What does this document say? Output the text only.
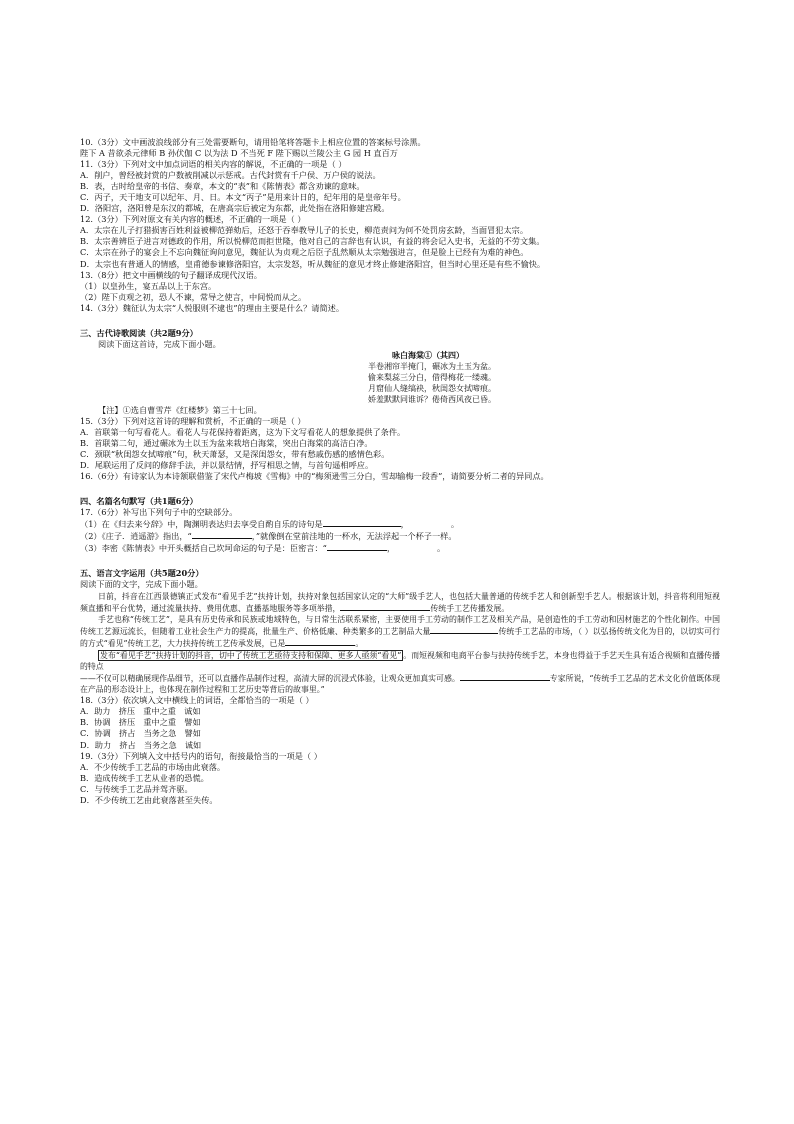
10.（3分）文中画波浪线部分有三处需要断句，请用铅笔将答题卡上相应位置的答案标号涂黑。
陛下 A 昔欲杀元律师 B 孙伏伽 C 以为法 D 不当死 F 陛下赐以兰陵公主 G 园 H 直百万
11.（3分）下列对文中加点词语的相关内容的解说，不正确的一项是（ ）
A．削户，曾经被封赏的户数被削减以示惩戒。古代封赏有千户侯、万户侯的说法。
B．表，古时给皇帝的书信、奏章，本文的“表”和《陈情表》都含劝谏的意味。
C．丙子，天干地支可以纪年、月、日。本文“丙子”是用来计日的，纪年用的是皇帝年号。
D．洛阳宫，洛阳曾是东汉的都城，在唐高宗后被定为东都，此处指在洛阳修建宫殿。
12.（3分）下列对原文有关内容的概述，不正确的一项是（ ）
A．太宗在儿子打猎损害百姓利益被柳范弹劾后，还怒于吞奉教导儿子的长史，柳范责问为何不处罚房玄龄，当面冒犯太宗。
B．太宗善辨臣子进言对德政的作用，所以悦柳范而拒世隆，他对自己的言辞也有认识，有益的将会记入史书，无益的不劳文集。
C．太宗在孙子的宴会上不忘向魏征询问意见，魏征认为贞观之后臣子乱然顺从太宗勉强进言，但是脸上已经有为难的神色。
D．太宗也有普通人的情感，皇甫德参谏修洛阳宫，太宗发怒，听从魏征的意见才终止修建洛阳宫，但当时心里还是有些不愉快。
13.（8分）把文中画横线的句子翻译成现代汉语。
（1）以皇孙生，宴五品以上于东宫。
（2）陛下贞观之初，恐人不谏，常导之使言，中间悦而从之。
14.（3分）魏征认为太宗“人悦服则不逮也”的理由主要是什么？请简述。
三、古代诗歌阅读（共2题9分）
阅读下面这首诗，完成下面小题。
咏白海棠①（其四）
半卷湘帘半掩门，碾冰为土玉为盆。
偷来梨蕊三分白，借得梅花一缕魂。
月窟仙人缝缟袂，秋闺怨女拭啼痕。
娇羞默默同谁诉？倦倚西风夜已昏。
【注】①选自曹雪芹《红楼梦》第三十七回。
15.（3分）下列对这首诗的理解和赏析，不正确的一项是（ ）
A．首联第一句写看花人。看花人与花保持着距离，这为下文写看花人的想象提供了条件。
B．首联第二句，通过碾冰为土以玉为盆来栽培白海棠，突出白海棠的高洁白净。
C．颈联“秋闺怨女拭啼痕”句，秋天萧瑟，又是深闺怨女，带有愁戚伤感的感情色彩。
D．尾联运用了反问的修辞手法，并以景结情，抒写相思之情，与首句遥相呼应。
16.（6分）有诗家认为本诗颔联借鉴了宋代卢梅坡《雪梅》中的“梅须逊雪三分白，雪却输梅一段香”，请简要分析二者的异同点。
四、名篇名句默写（共1题6分）
17.（6分）补写出下列句子中的空缺部分。
（1）在《归去来兮辞》中，陶渊明表达归去享受自酌自乐的诗句是	，	。
（2）《庄子．逍遥游》指出，“	，”就像倒在堂前洼地的一杯水，无法浮起一个杯子一样。
（3）李密《陈情表》中开头概括自己坎坷命运的句子是：臣密言：“	，	。
五、语言文字运用（共5题20分）
阅读下面的文字，完成下面小题。
日前，抖音在江西景德镇正式发布“看见手艺”扶持计划，扶持对象包括国家认定的“大师”级手艺人，也包括大量普通的传统手艺人和创新型手艺人。根据该计划，抖音将利用短视频直播和平台优势，通过流量扶持、费用优惠、直播基地服务等多项举措，	传统手工艺传播发展。
手艺也称“传统工艺”，是具有历史传承和民族或地域特色，与日常生活联系紧密，主要使用手工劳动的制作工艺及相关产品，是创造性的手工劳动和因材施艺的个性化制作。中国传统工艺源远流长，但随着工业社会生产力的提高，批量生产、价格低廉、种类繁多的工艺制品大量	传统手工艺品的市场，（ ）以弘扬传统文化为目的，以切实可行的方式“看见”传统工艺，大力扶持传统工艺传承发展，已是	。
发布“看见手艺”扶持计划的抖音，切中了传统工艺亟待支持和保障、更多人亟须“看见” 。而短视频和电商平台参与扶持传统手艺，本身也得益于手艺天生具有适合视频和直播传播的特点
——不仅可以精确展现作品细节，还可以直播作品制作过程，高清大屏的沉浸式体验，让观众更加真实可感。	专家所说，“传统手工艺品的艺术文化价值既体现在产品的形态设计上，也体现在制作过程和工艺历史等背后的故事里。”
18.（3分）依次填入文中横线上的词语，全都恰当的一项是（ ）
A．助力　挤压　重中之重　诚如
B．协调　挤压　重中之重　譬如
C．协调　挤占　当务之急　譬如
D．助力　挤占　当务之急　诚如
19.（3分）下列填入文中括号内的语句，衔接最恰当的一项是（ ）
A．不少传统手工艺品的市场由此衰落。
B．造成传统手工艺从业者的恐慌。
C．与传统手工艺品并驾齐驱。
D．不少传统工艺由此衰落甚至失传。
